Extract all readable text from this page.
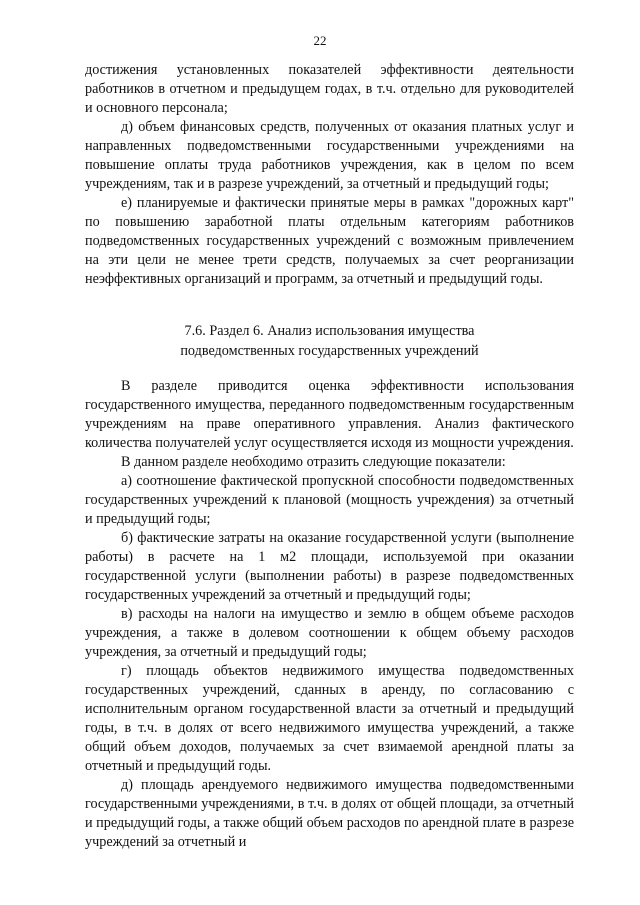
22

достижения установленных показателей эффективности деятельности работников в отчетном и предыдущем годах, в т.ч. отдельно для руководителей и основного персонала;

д) объем финансовых средств, полученных от оказания платных услуг и направленных подведомственными государственными учреждениями на повышение оплаты труда работников учреждения, как в целом по всем учреждениям, так и в разрезе учреждений, за отчетный и предыдущий годы;

е) планируемые и фактически принятые меры в рамках "дорожных карт" по повышению заработной платы отдельным категориям работников подведомственных государственных учреждений с возможным привлечением на эти цели не менее трети средств, получаемых за счет реорганизации неэффективных организаций и программ, за отчетный и предыдущий годы.

7.6. Раздел 6. Анализ использования имущества
подведомственных государственных учреждений

В разделе приводится оценка эффективности использования государственного имущества, переданного подведомственным государственным учреждениям на праве оперативного управления. Анализ фактического количества получателей услуг осуществляется исходя из мощности учреждения.

В данном разделе необходимо отразить следующие показатели:

а) соотношение фактической пропускной способности подведомственных государственных учреждений к плановой (мощность учреждения) за отчетный и предыдущий годы;

б) фактические затраты на оказание государственной услуги (выполнение работы) в расчете на 1 м2 площади, используемой при оказании государственной услуги (выполнении работы) в разрезе подведомственных государственных учреждений за отчетный и предыдущий годы;

в) расходы на налоги на имущество и землю в общем объеме расходов учреждения, а также в долевом соотношении к общем объему расходов учреждения, за отчетный и предыдущий годы;

г) площадь объектов недвижимого имущества подведомственных государственных учреждений, сданных в аренду, по согласованию с исполнительным органом государственной власти за отчетный и предыдущий годы, в т.ч. в долях от всего недвижимого имущества учреждений, а также общий объем доходов, получаемых за счет взимаемой арендной платы за отчетный и предыдущий годы.

д) площадь арендуемого недвижимого имущества подведомственными государственными учреждениями, в т.ч. в долях от общей площади, за отчетный и предыдущий годы, а также общий объем расходов по арендной плате в разрезе учреждений за отчетный и
